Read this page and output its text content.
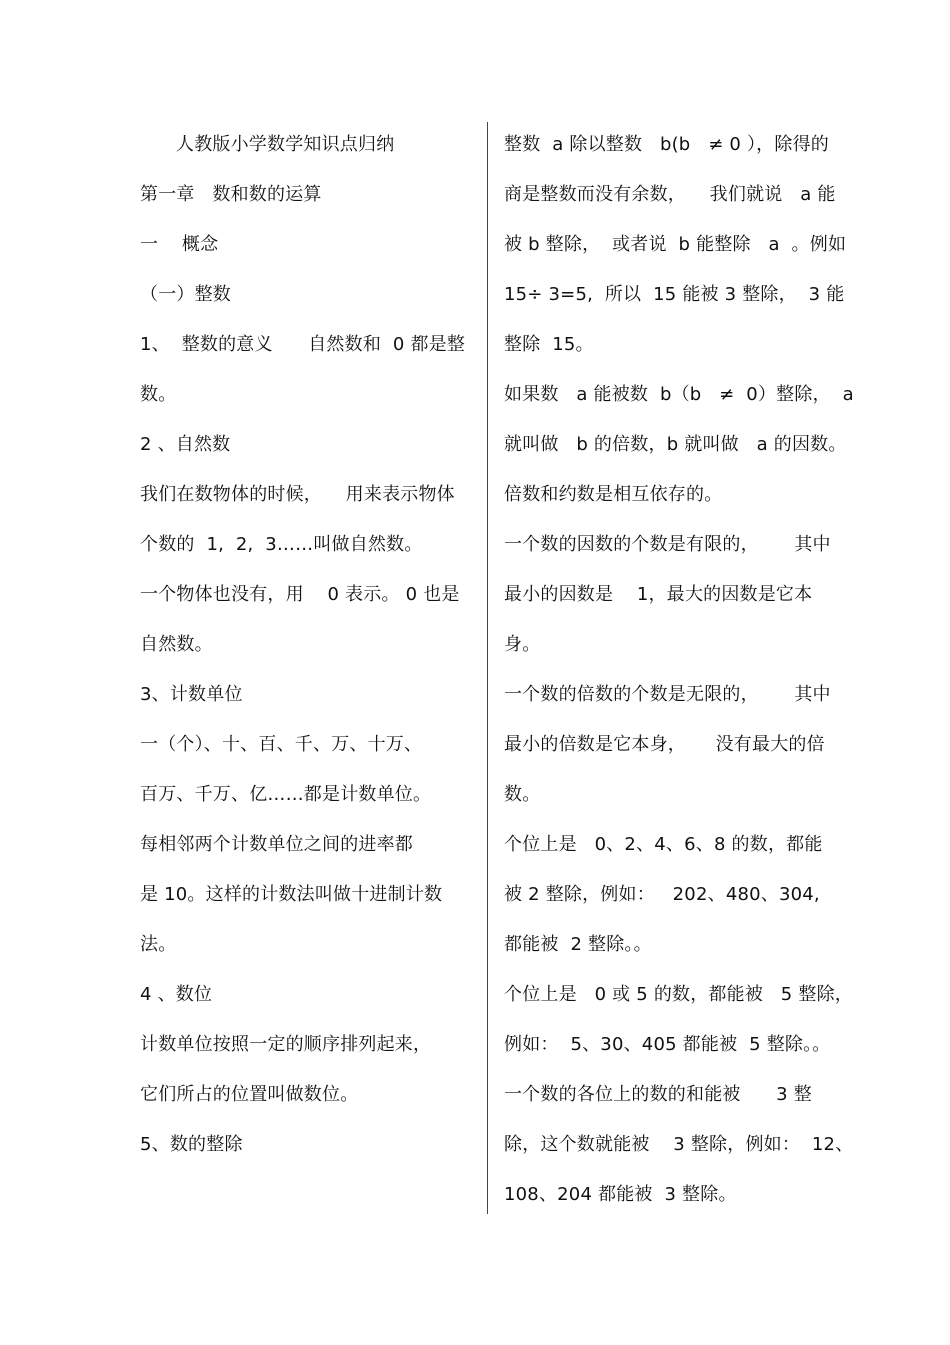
人教版小学数学知识点归纳
第一章   数和数的运算
一    概念
（一）整数
1、  整数的意义      自然数和  0 都是整
数。
2 、自然数
我们在数物体的时候，    用来表示物体
个数的  1,  2,  3……叫做自然数。
一个物体也没有，用    0 表示。 0 也是
自然数。
3、计数单位
一（个）、十、百、千、万、十万、
百万、千万、亿……都是计数单位。
每相邻两个计数单位之间的进率都
是 10。这样的计数法叫做十进制计数
法。
4 、数位
计数单位按照一定的顺序排列起来，
它们所占的位置叫做数位。
5、数的整除
整数  a 除以整数   b(b   ≠ 0 ），除得的
商是整数而没有余数，    我们就说   a 能
被 b 整除，  或者说  b 能整除   a  。例如
15÷ 3=5,  所以  15 能被 3 整除，  3 能
整除  15。
如果数   a 能被数  b（b   ≠  0）整除，  a
就叫做   b 的倍数，b 就叫做   a 的因数。
倍数和约数是相互依存的。
一个数的因数的个数是有限的，      其中
最小的因数是    1，最大的因数是它本
身。
一个数的倍数的个数是无限的，      其中
最小的倍数是它本身，     没有最大的倍
数。
个位上是   0、2、4、6、8 的数，都能
被 2 整除，例如：   202、480、304,
都能被  2 整除。。
个位上是   0 或 5 的数，都能被   5 整除，
例如：  5、30、405 都能被  5 整除。。
一个数的各位上的数的和能被      3 整
除，这个数就能被    3 整除，例如：  12、
108、204 都能被  3 整除。
